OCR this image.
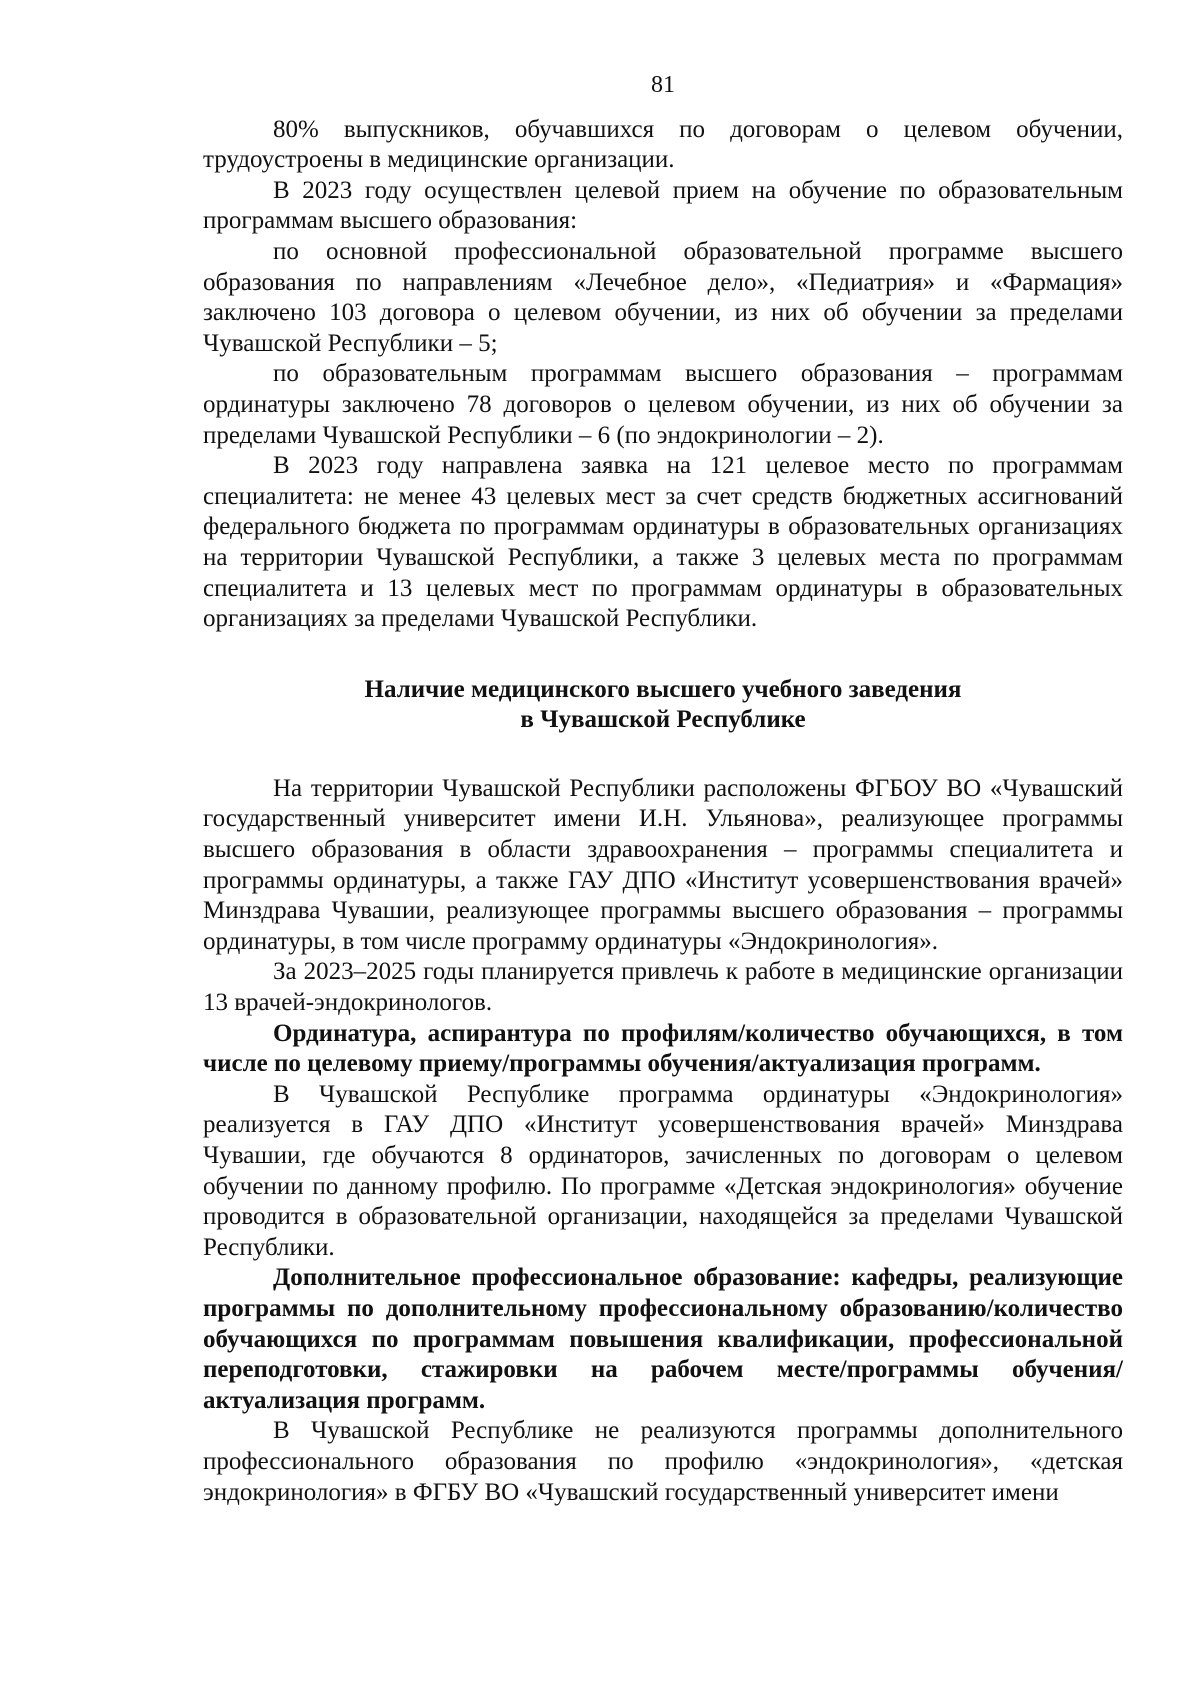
81

80% выпускников, обучавшихся по договорам о целевом обучении, трудоустроены в медицинские организации.

В 2023 году осуществлен целевой прием на обучение по образовательным программам высшего образования:

по основной профессиональной образовательной программе высшего образования по направлениям «Лечебное дело», «Педиатрия» и «Фармация» заключено 103 договора о целевом обучении, из них об обучении за пределами Чувашской Республики – 5;

по образовательным программам высшего образования – программам ординатуры заключено 78 договоров о целевом обучении, из них об обучении за пределами Чувашской Республики – 6 (по эндокринологии – 2).

В 2023 году направлена заявка на 121 целевое место по программам специалитета: не менее 43 целевых мест за счет средств бюджетных ассигнований федерального бюджета по программам ординатуры в образовательных организациях на территории Чувашской Республики, а также 3 целевых места по программам специалитета и 13 целевых мест по программам ординатуры в образовательных организациях за пределами Чувашской Республики.

Наличие медицинского высшего учебного заведения
в Чувашской Республике

На территории Чувашской Республики расположены ФГБОУ ВО «Чувашский государственный университет имени И.Н. Ульянова», реализующее программы высшего образования в области здравоохранения – программы специалитета и программы ординатуры, а также ГАУ ДПО «Институт усовершенствования врачей» Минздрава Чувашии, реализующее программы высшего образования – программы ординатуры, в том числе программу ординатуры «Эндокринология».

За 2023–2025 годы планируется привлечь к работе в медицинские организации 13 врачей-эндокринологов.

Ординатура, аспирантура по профилям/количество обучающихся, в том числе по целевому приему/программы обучения/актуализация программ.

В Чувашской Республике программа ординатуры «Эндокринология» реализуется в ГАУ ДПО «Институт усовершенствования врачей» Минздрава Чувашии, где обучаются 8 ординаторов, зачисленных по договорам о целевом обучении по данному профилю. По программе «Детская эндокринология» обучение проводится в образовательной организации, находящейся за пределами Чувашской Республики.

Дополнительное профессиональное образование: кафедры, реализующие программы по дополнительному профессиональному образованию/количество обучающихся по программам повышения квалификации, профессиональной переподготовки, стажировки на рабочем месте/программы обучения/актуализация программ.

В Чувашской Республике не реализуются программы дополнительного профессионального образования по профилю «эндокринология», «детская эндокринология» в ФГБУ ВО «Чувашский государственный университет имени
